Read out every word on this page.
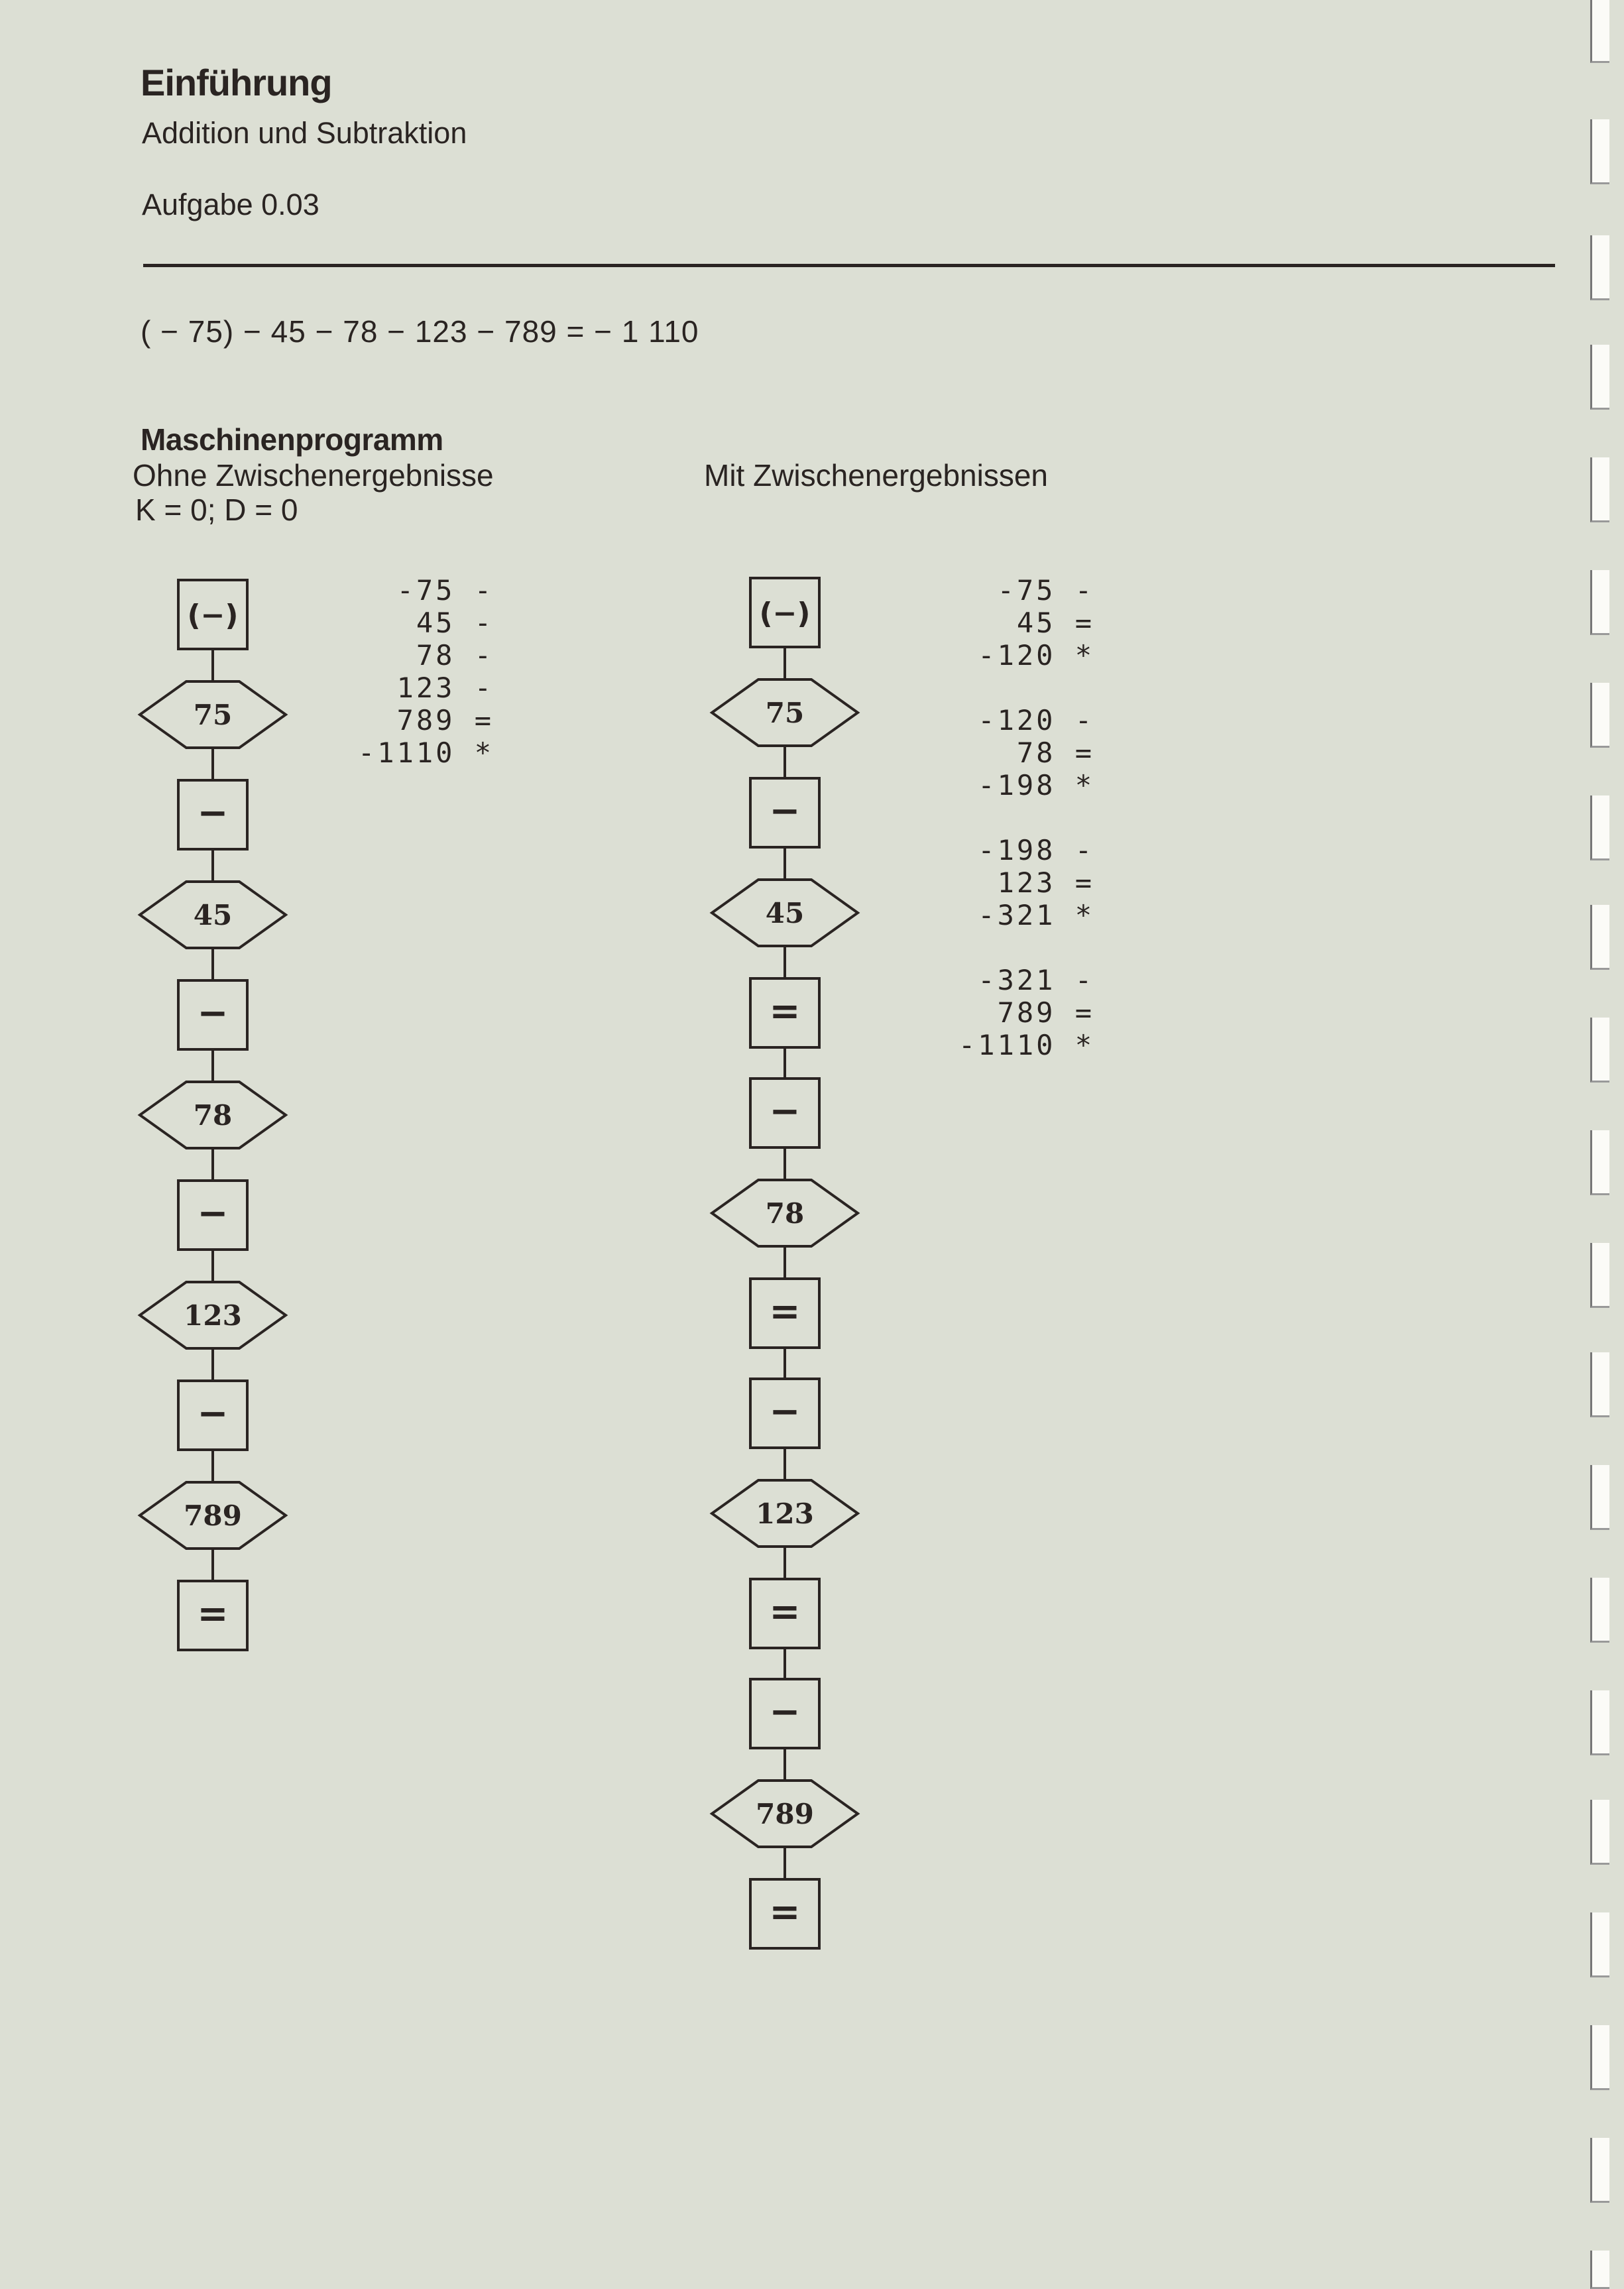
Einführung
Addition und Subtraktion
Aufgabe 0.03
( − 75) − 45 − 78 − 123 − 789 = − 1 110
Maschinenprogramm
Ohne Zwischenergebnisse
K = 0; D = 0
Mit Zwischenergebnissen
(−)
75
−
45
−
78
−
123
−
789
=
(−)
75
−
45
=
−
78
=
−
123
=
−
789
=
-75 -
45 -
78 -
123 -
789 =
-1110 *
-75 -
45 =
-120 *
-120 -
78 =
-198 *
-198 -
123 =
-321 *
-321 -
789 =
-1110 *
